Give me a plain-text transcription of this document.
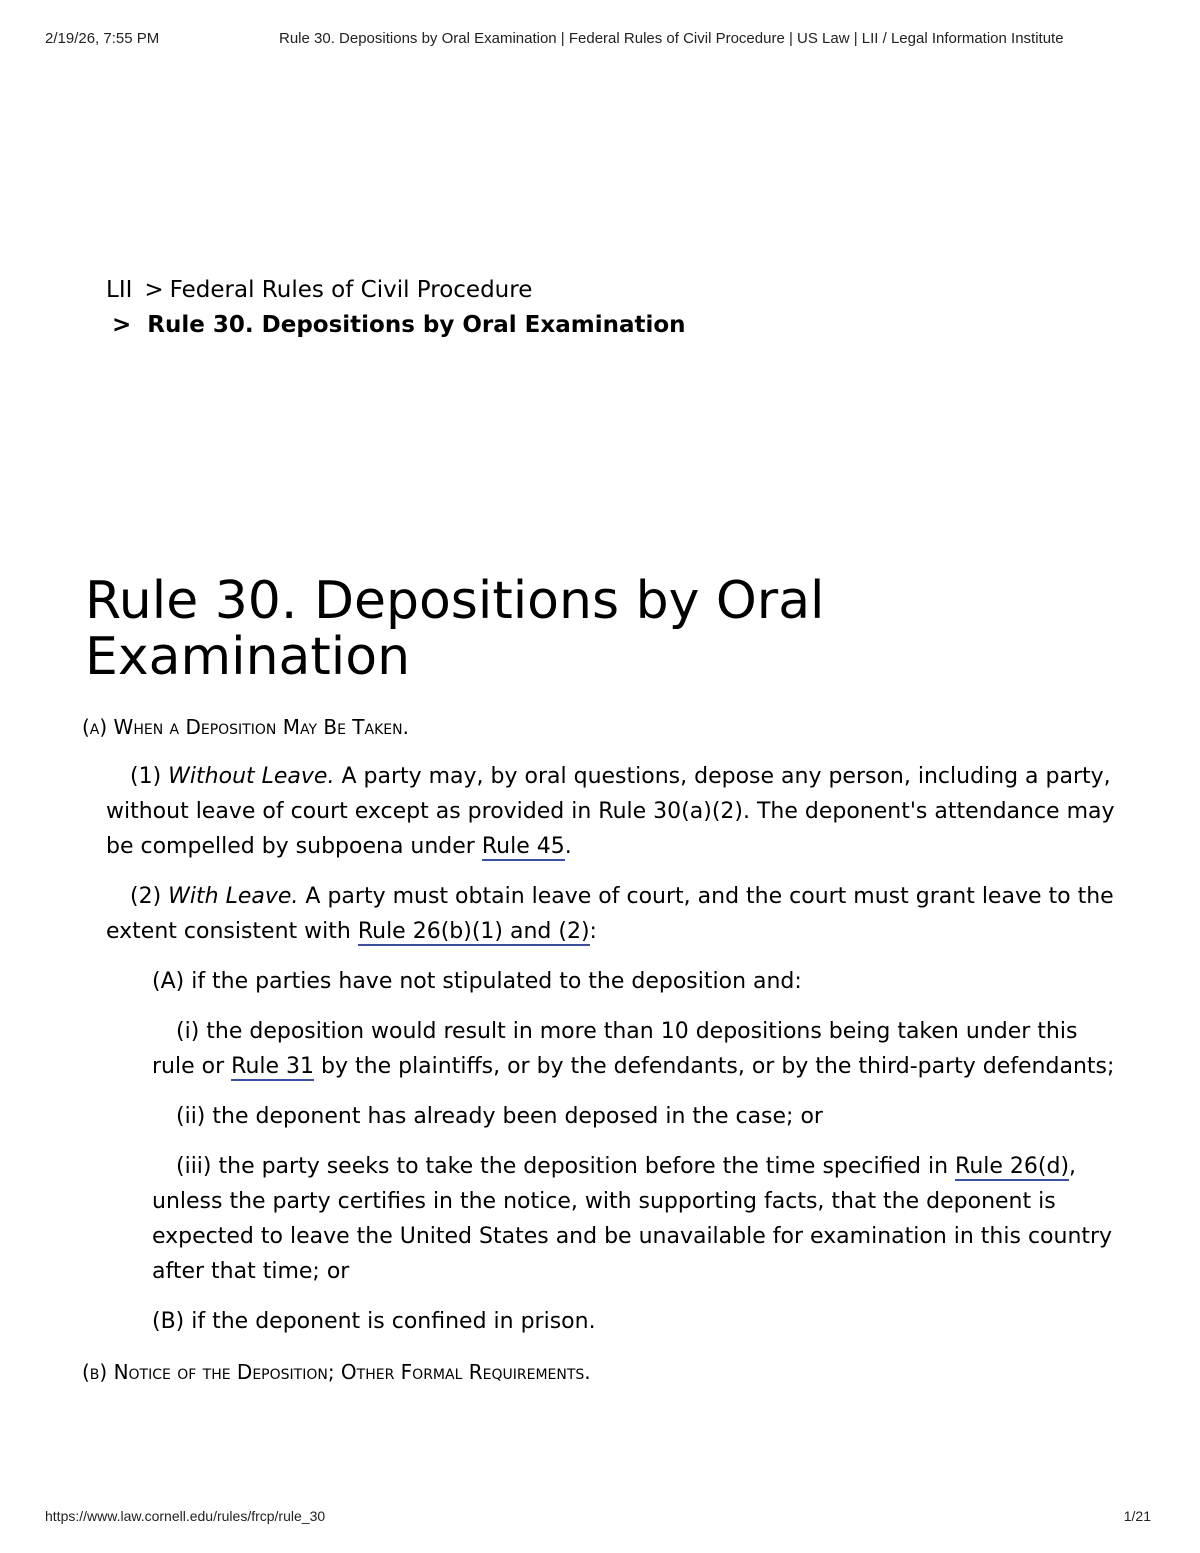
2/19/26, 7:55 PM	Rule 30. Depositions by Oral Examination | Federal Rules of Civil Procedure | US Law | LII / Legal Information Institute
LII > Federal Rules of Civil Procedure
> Rule 30. Depositions by Oral Examination
Rule 30. Depositions by Oral Examination
(a) When a Deposition May Be Taken.

(1) Without Leave. A party may, by oral questions, depose any person, including a party, without leave of court except as provided in Rule 30(a)(2). The deponent's attendance may be compelled by subpoena under Rule 45.

(2) With Leave. A party must obtain leave of court, and the court must grant leave to the extent consistent with Rule 26(b)(1) and (2):

(A) if the parties have not stipulated to the deposition and:

(i) the deposition would result in more than 10 depositions being taken under this rule or Rule 31 by the plaintiffs, or by the defendants, or by the third-party defendants;

(ii) the deponent has already been deposed in the case; or

(iii) the party seeks to take the deposition before the time specified in Rule 26(d), unless the party certifies in the notice, with supporting facts, that the deponent is expected to leave the United States and be unavailable for examination in this country after that time; or

(B) if the deponent is confined in prison.

(b) Notice of the Deposition; Other Formal Requirements.
https://www.law.cornell.edu/rules/frcp/rule_30	1/21
